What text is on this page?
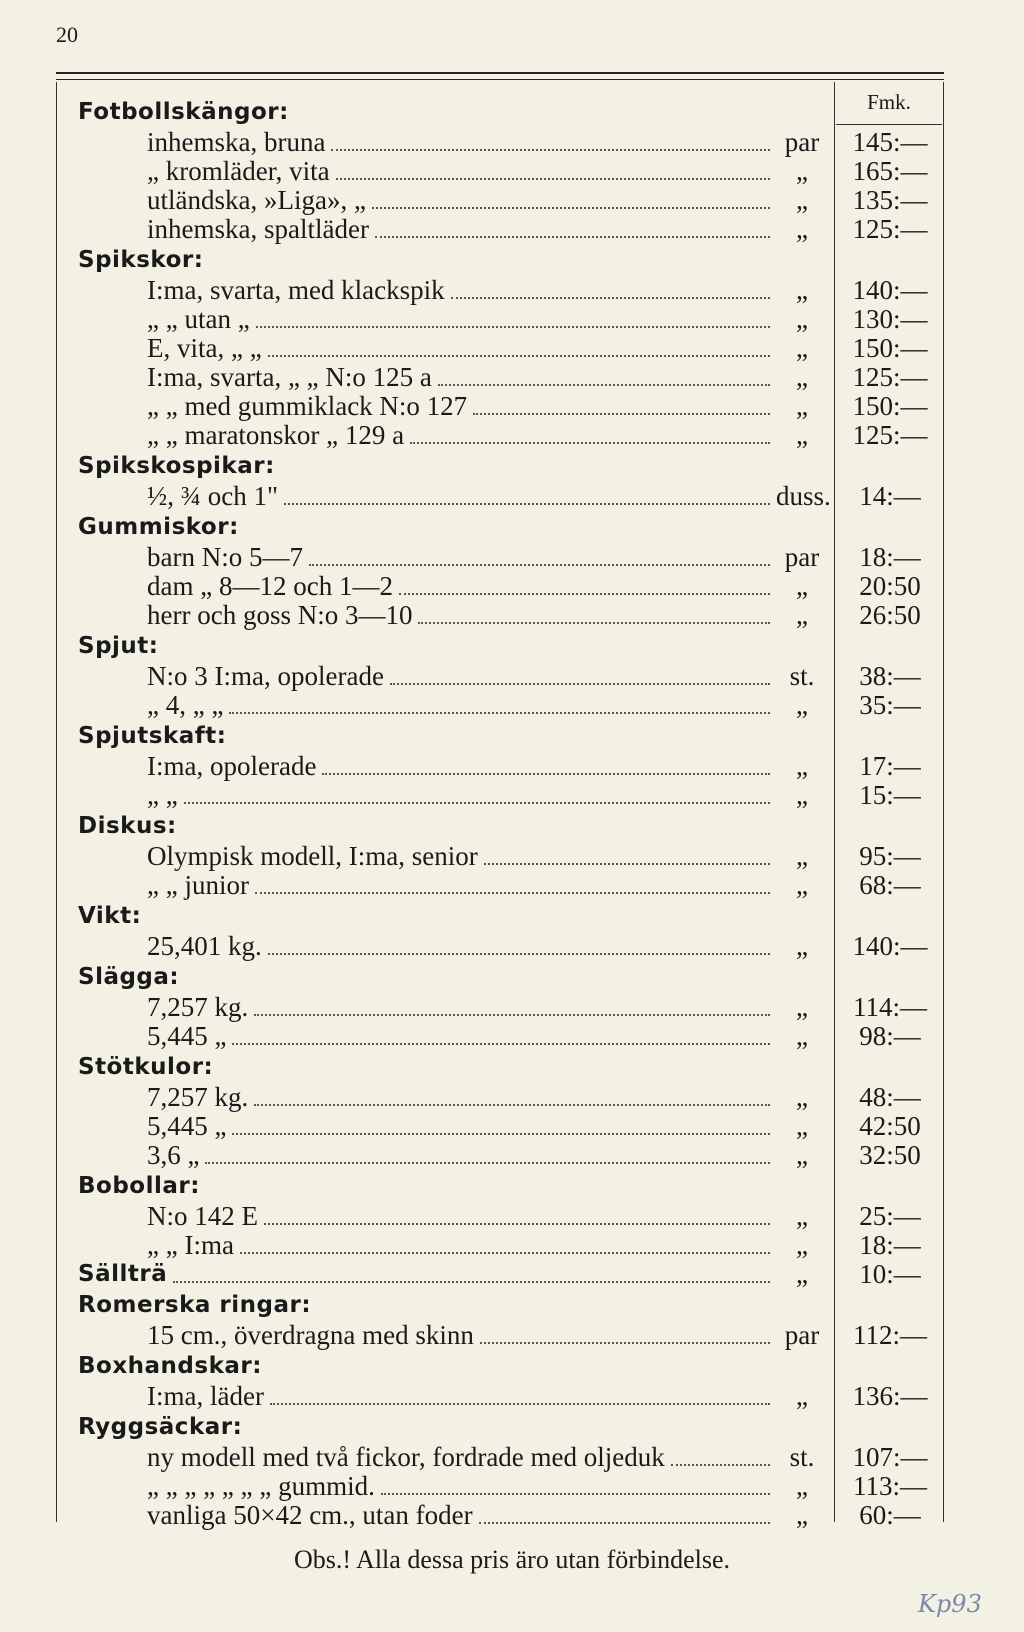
20
Fmk.
Fotbollskängor:
inhemska, bruna	par	145:—
„ kromläder, vita	„	165:—
utländska, »Liga», „	„	135:—
inhemska, spaltläder	„	125:—
Spikskor:
I:ma, svarta, med klackspik	„	140:—
„ „ utan „	„	130:—
E, vita, „ „	„	150:—
I:ma, svarta, „ „ N:o 125 a	„	125:—
„ „ med gummiklack N:o 127	„	150:—
„ „ maratonskor „ 129 a	„	125:—
Spikskospikar:
½, ¾ och 1"	duss.	14:—
Gummiskor:
barn N:o 5—7	par	18:—
dam „ 8—12 och 1—2	„	20:50
herr och goss N:o 3—10	„	26:50
Spjut:
N:o 3 I:ma, opolerade	st.	38:—
„ 4, „ „	„	35:—
Spjutskaft:
I:ma, opolerade	„	17:—
„ „	„	15:—
Diskus:
Olympisk modell, I:ma, senior	„	95:—
„ „ junior	„	68:—
Vikt:
25,401 kg.	„	140:—
Slägga:
7,257 kg.	„	114:—
5,445 „	„	98:—
Stötkulor:
7,257 kg.	„	48:—
5,445 „	„	42:50
3,6 „	„	32:50
Bobollar:
N:o 142 E	„	25:—
„ „ I:ma	„	18:—
Sällträ	„	10:—
Romerska ringar:
15 cm., överdragna med skinn	par	112:—
Boxhandskar:
I:ma, läder	„	136:—
Ryggsäckar:
ny modell med två fickor, fordrade med oljeduk	st.	107:—
„ „ „ „ „ „ „ gummid.	„	113:—
vanliga 50×42 cm., utan foder	„	60:—
Obs.! Alla dessa pris äro utan förbindelse.
Kp93
